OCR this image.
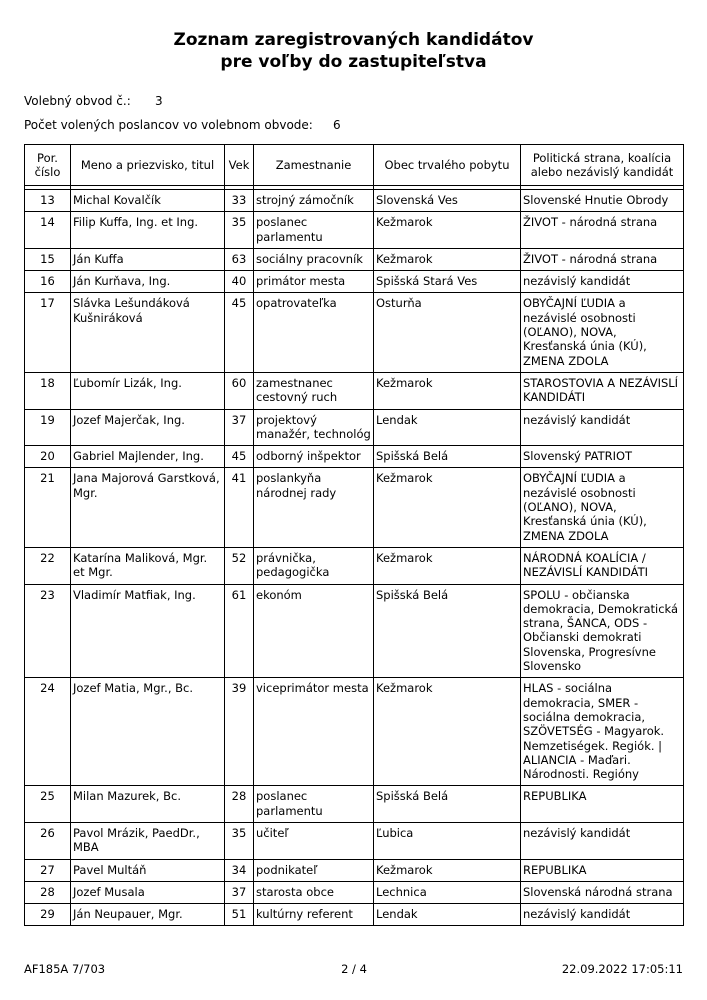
Zoznam zaregistrovaných kandidátov
pre voľby do zastupiteľstva
Volebný obvod č.: 3
Počet volených poslancov vo volebnom obvode: 6
Por. číslo	Meno a priezvisko, titul	Vek	Zamestnanie	Obec trvalého pobytu	Politická strana, koalícia alebo nezávislý kandidát

13	Michal Kovalčík	33	strojný zámočník	Slovenská Ves	Slovenské Hnutie Obrody
14	Filip Kuffa, Ing. et Ing.	35	poslanec parlamentu	Kežmarok	ŽIVOT - národná strana
15	Ján Kuffa	63	sociálny pracovník	Kežmarok	ŽIVOT - národná strana
16	Ján Kurňava, Ing.	40	primátor mesta	Spišská Stará Ves	nezávislý kandidát
17	Slávka Lešundáková Kušniráková	45	opatrovateľka	Osturňa	OBYČAJNÍ ĽUDIA a nezávislé osobnosti (OĽANO), NOVA, Kresťanská únia (KÚ), ZMENA ZDOLA
18	Ľubomír Lizák, Ing.	60	zamestnanec cestovný ruch	Kežmarok	STAROSTOVIA A NEZÁVISLÍ KANDIDÁTI
19	Jozef Majerčak, Ing.	37	projektový manažér, technológ	Lendak	nezávislý kandidát
20	Gabriel Majlender, Ing.	45	odborný inšpektor	Spišská Belá	Slovenský PATRIOT
21	Jana Majorová Garstková, Mgr.	41	poslankyňa národnej rady	Kežmarok	OBYČAJNÍ ĽUDIA a nezávislé osobnosti (OĽANO), NOVA, Kresťanská únia (KÚ), ZMENA ZDOLA
22	Katarína Maliková, Mgr. et Mgr.	52	právnička, pedagogička	Kežmarok	NÁRODNÁ KOALÍCIA / NEZÁVISLÍ KANDIDÁTI
23	Vladimír Matfiak, Ing.	61	ekonóm	Spišská Belá	SPOLU - občianska demokracia, Demokratická strana, ŠANCA, ODS - Občianski demokrati Slovenska, Progresívne Slovensko
24	Jozef Matia, Mgr., Bc.	39	viceprimátor mesta	Kežmarok	HLAS - sociálna demokracia, SMER - sociálna demokracia, SZÖVETSÉG - Magyarok. Nemzetiségek. Regiók. | ALIANCIA - Maďari. Národnosti. Regióny
25	Milan Mazurek, Bc.	28	poslanec parlamentu	Spišská Belá	REPUBLIKA
26	Pavol Mrázik, PaedDr., MBA	35	učiteľ	Ľubica	nezávislý kandidát
27	Pavel Multáň	34	podnikateľ	Kežmarok	REPUBLIKA
28	Jozef Musala	37	starosta obce	Lechnica	Slovenská národná strana
29	Ján Neupauer, Mgr.	51	kultúrny referent	Lendak	nezávislý kandidát
AF185A 7/703	2 / 4	22.09.2022 17:05:11
